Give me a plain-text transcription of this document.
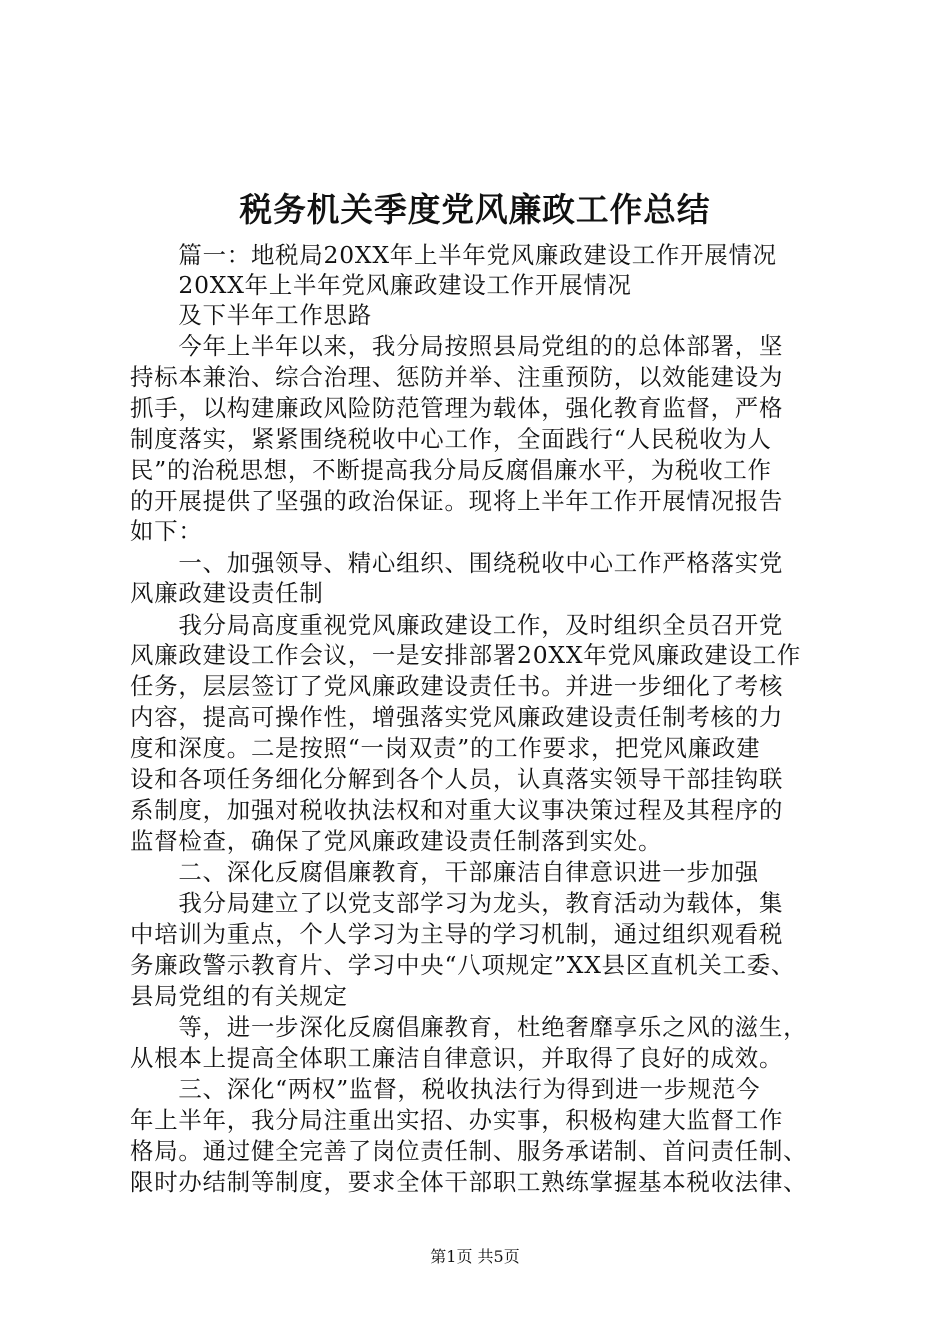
税务机关季度党风廉政工作总结
　　篇一：地税局20XX年上半年党风廉政建设工作开展情况
　　20XX年上半年党风廉政建设工作开展情况
　　及下半年工作思路
　　今年上半年以来，我分局按照县局党组的的总体部署，坚
持标本兼治、综合治理、惩防并举、注重预防，以效能建设为
抓手，以构建廉政风险防范管理为载体，强化教育监督，严格
制度落实，紧紧围绕税收中心工作，全面践行“人民税收为人
民”的治税思想，不断提高我分局反腐倡廉水平，为税收工作
的开展提供了坚强的政治保证。现将上半年工作开展情况报告
如下：
　　一、加强领导、精心组织、围绕税收中心工作严格落实党
风廉政建设责任制
　　我分局高度重视党风廉政建设工作，及时组织全员召开党
风廉政建设工作会议，一是安排部署20XX年党风廉政建设工作
任务，层层签订了党风廉政建设责任书。并进一步细化了考核
内容，提高可操作性，增强落实党风廉政建设责任制考核的力
度和深度。二是按照“一岗双责”的工作要求，把党风廉政建
设和各项任务细化分解到各个人员，认真落实领导干部挂钩联
系制度，加强对税收执法权和对重大议事决策过程及其程序的
监督检查，确保了党风廉政建设责任制落到实处。
　　二、深化反腐倡廉教育，干部廉洁自律意识进一步加强
　　我分局建立了以党支部学习为龙头，教育活动为载体，集
中培训为重点，个人学习为主导的学习机制，通过组织观看税
务廉政警示教育片、学习中央“八项规定”XX县区直机关工委、
县局党组的有关规定
　　等，进一步深化反腐倡廉教育，杜绝奢靡享乐之风的滋生，
从根本上提高全体职工廉洁自律意识，并取得了良好的成效。
　　三、深化“两权”监督，税收执法行为得到进一步规范今
年上半年，我分局注重出实招、办实事，积极构建大监督工作
格局。通过健全完善了岗位责任制、服务承诺制、首问责任制、
限时办结制等制度，要求全体干部职工熟练掌握基本税收法律、
第1页 共5页
